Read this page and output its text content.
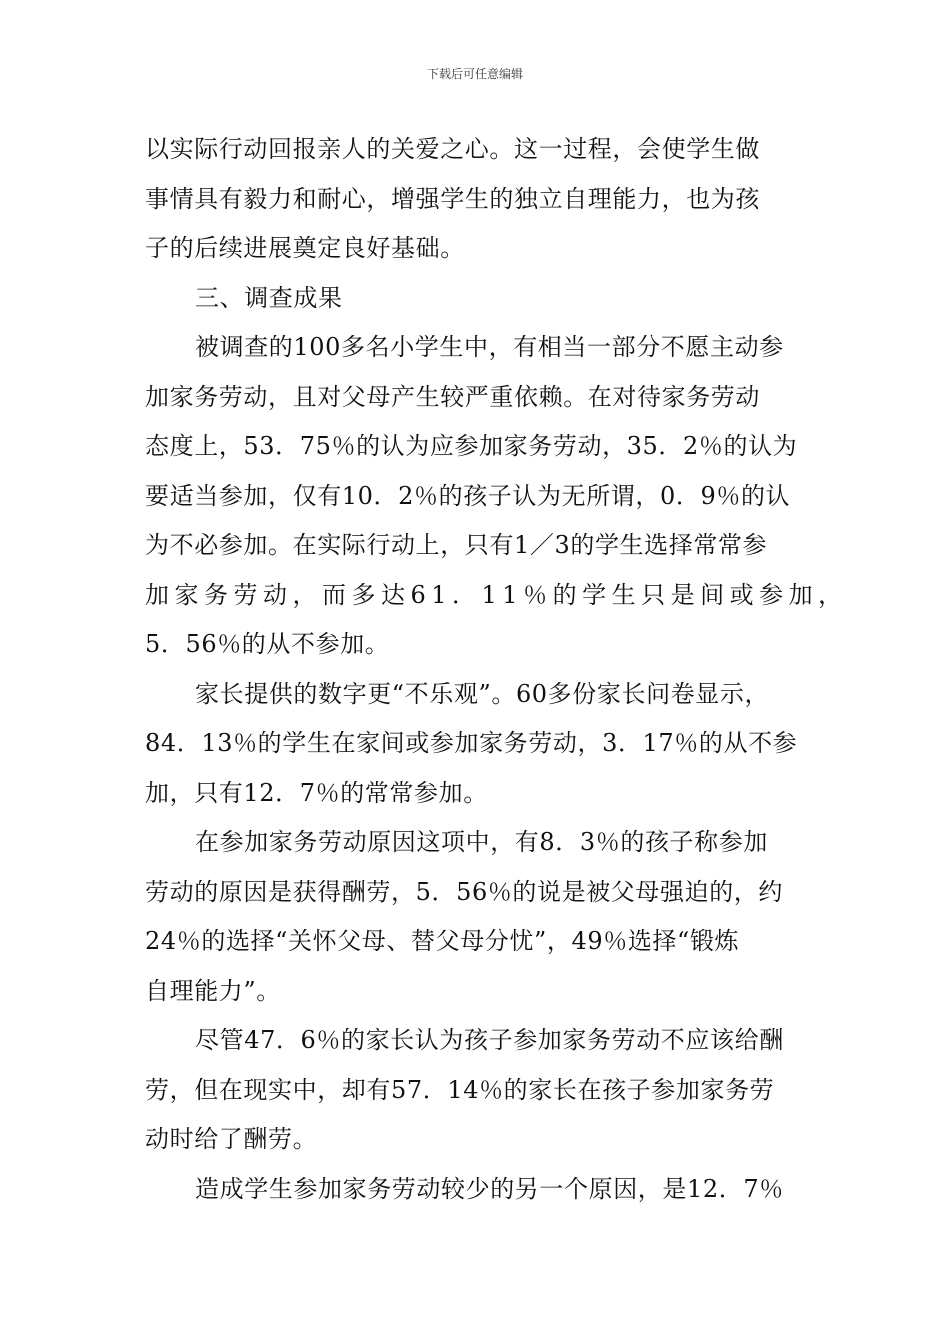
下载后可任意编辑
以实际行动回报亲人的关爱之心。这一过程，会使学生做
事情具有毅力和耐心，增强学生的独立自理能力，也为孩
子的后续进展奠定良好基础。
三、调查成果
被调查的100多名小学生中，有相当一部分不愿主动参
加家务劳动，且对父母产生较严重依赖。在对待家务劳动
态度上，53．75％的认为应参加家务劳动，35．2％的认为
要适当参加，仅有10．2％的孩子认为无所谓，0．9％的认
为不必参加。在实际行动上，只有1／3的学生选择常常参
加家务劳动，而多达61．11％的学生只是间或参加，
5．56％的从不参加。
家长提供的数字更“不乐观”。60多份家长问卷显示，
84．13％的学生在家间或参加家务劳动，3．17％的从不参
加，只有12．7％的常常参加。
在参加家务劳动原因这项中，有8．3％的孩子称参加
劳动的原因是获得酬劳，5．56％的说是被父母强迫的，约
24％的选择“关怀父母、替父母分忧”，49％选择“锻炼
自理能力”。
尽管47．6％的家长认为孩子参加家务劳动不应该给酬
劳，但在现实中，却有57．14％的家长在孩子参加家务劳
动时给了酬劳。
造成学生参加家务劳动较少的另一个原因，是12．7％
